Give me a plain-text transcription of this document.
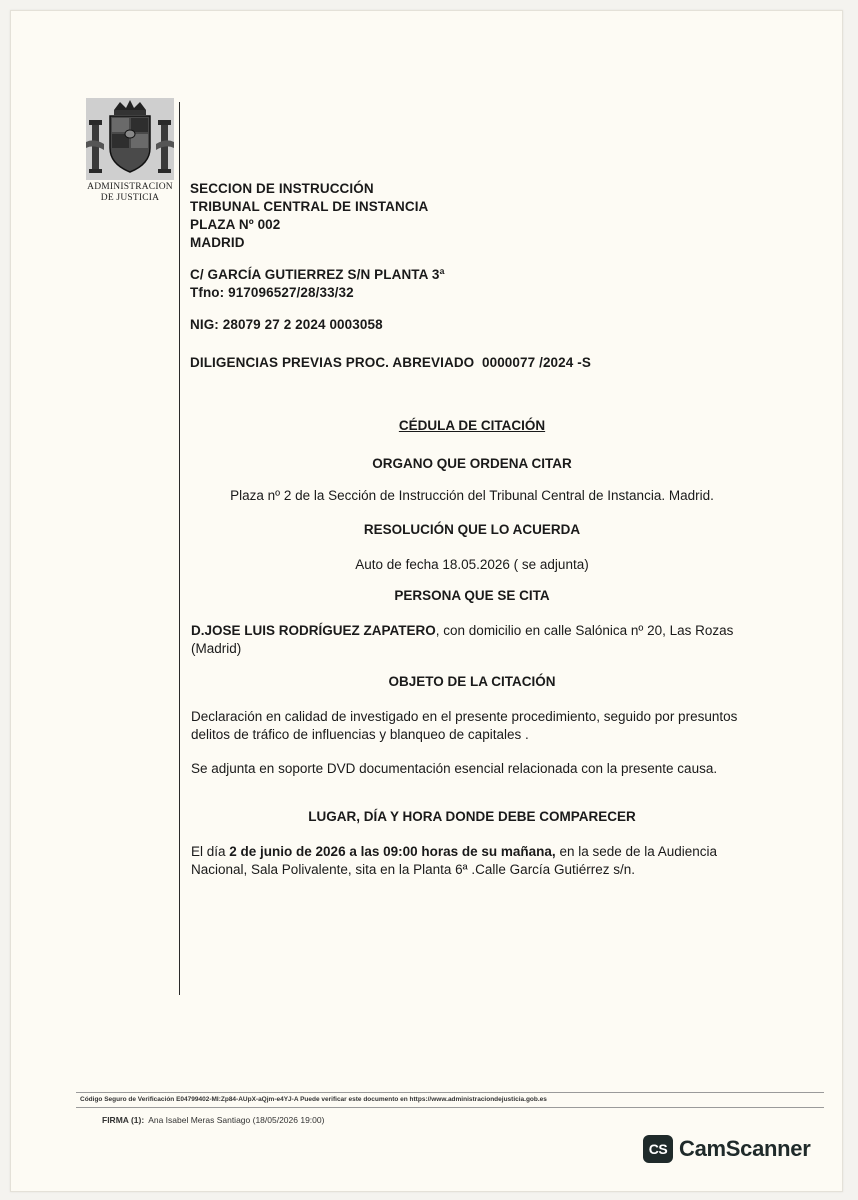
ADMINISTRACION
DE JUSTICIA
SECCION DE INSTRUCCIÓN
TRIBUNAL CENTRAL DE INSTANCIA
PLAZA Nº 002
MADRID
C/ GARCÍA GUTIERREZ S/N PLANTA 3ª
Tfno: 917096527/28/33/32
NIG: 28079 27 2 2024 0003058
DILIGENCIAS PREVIAS PROC. ABREVIADO  0000077 /2024 -S
CÉDULA DE CITACIÓN
ORGANO QUE ORDENA CITAR
Plaza nº 2 de la Sección de Instrucción del Tribunal Central de Instancia. Madrid.
RESOLUCIÓN QUE LO ACUERDA
Auto de fecha 18.05.2026 ( se adjunta)
PERSONA QUE SE CITA
D.JOSE LUIS RODRÍGUEZ ZAPATERO, con domicilio en calle Salónica nº 20, Las Rozas (Madrid)
OBJETO DE LA CITACIÓN
Declaración en calidad de investigado en el presente procedimiento, seguido por presuntos delitos de tráfico de influencias y blanqueo de capitales .
Se adjunta en soporte DVD documentación esencial relacionada con la presente causa.
LUGAR, DÍA Y HORA DONDE DEBE COMPARECER
El día 2 de junio de 2026 a las 09:00 horas de su mañana, en la sede de la Audiencia Nacional, Sala Polivalente, sita en la Planta 6ª .Calle García Gutiérrez s/n.
Código Seguro de Verificación E04799402-MI:Zp84-AUpX-aQjm-e4YJ-A Puede verificar este documento en https://www.administraciondejusticia.gob.es
FIRMA (1): Ana Isabel Meras Santiago (18/05/2026 19:00)
CS CamScanner
